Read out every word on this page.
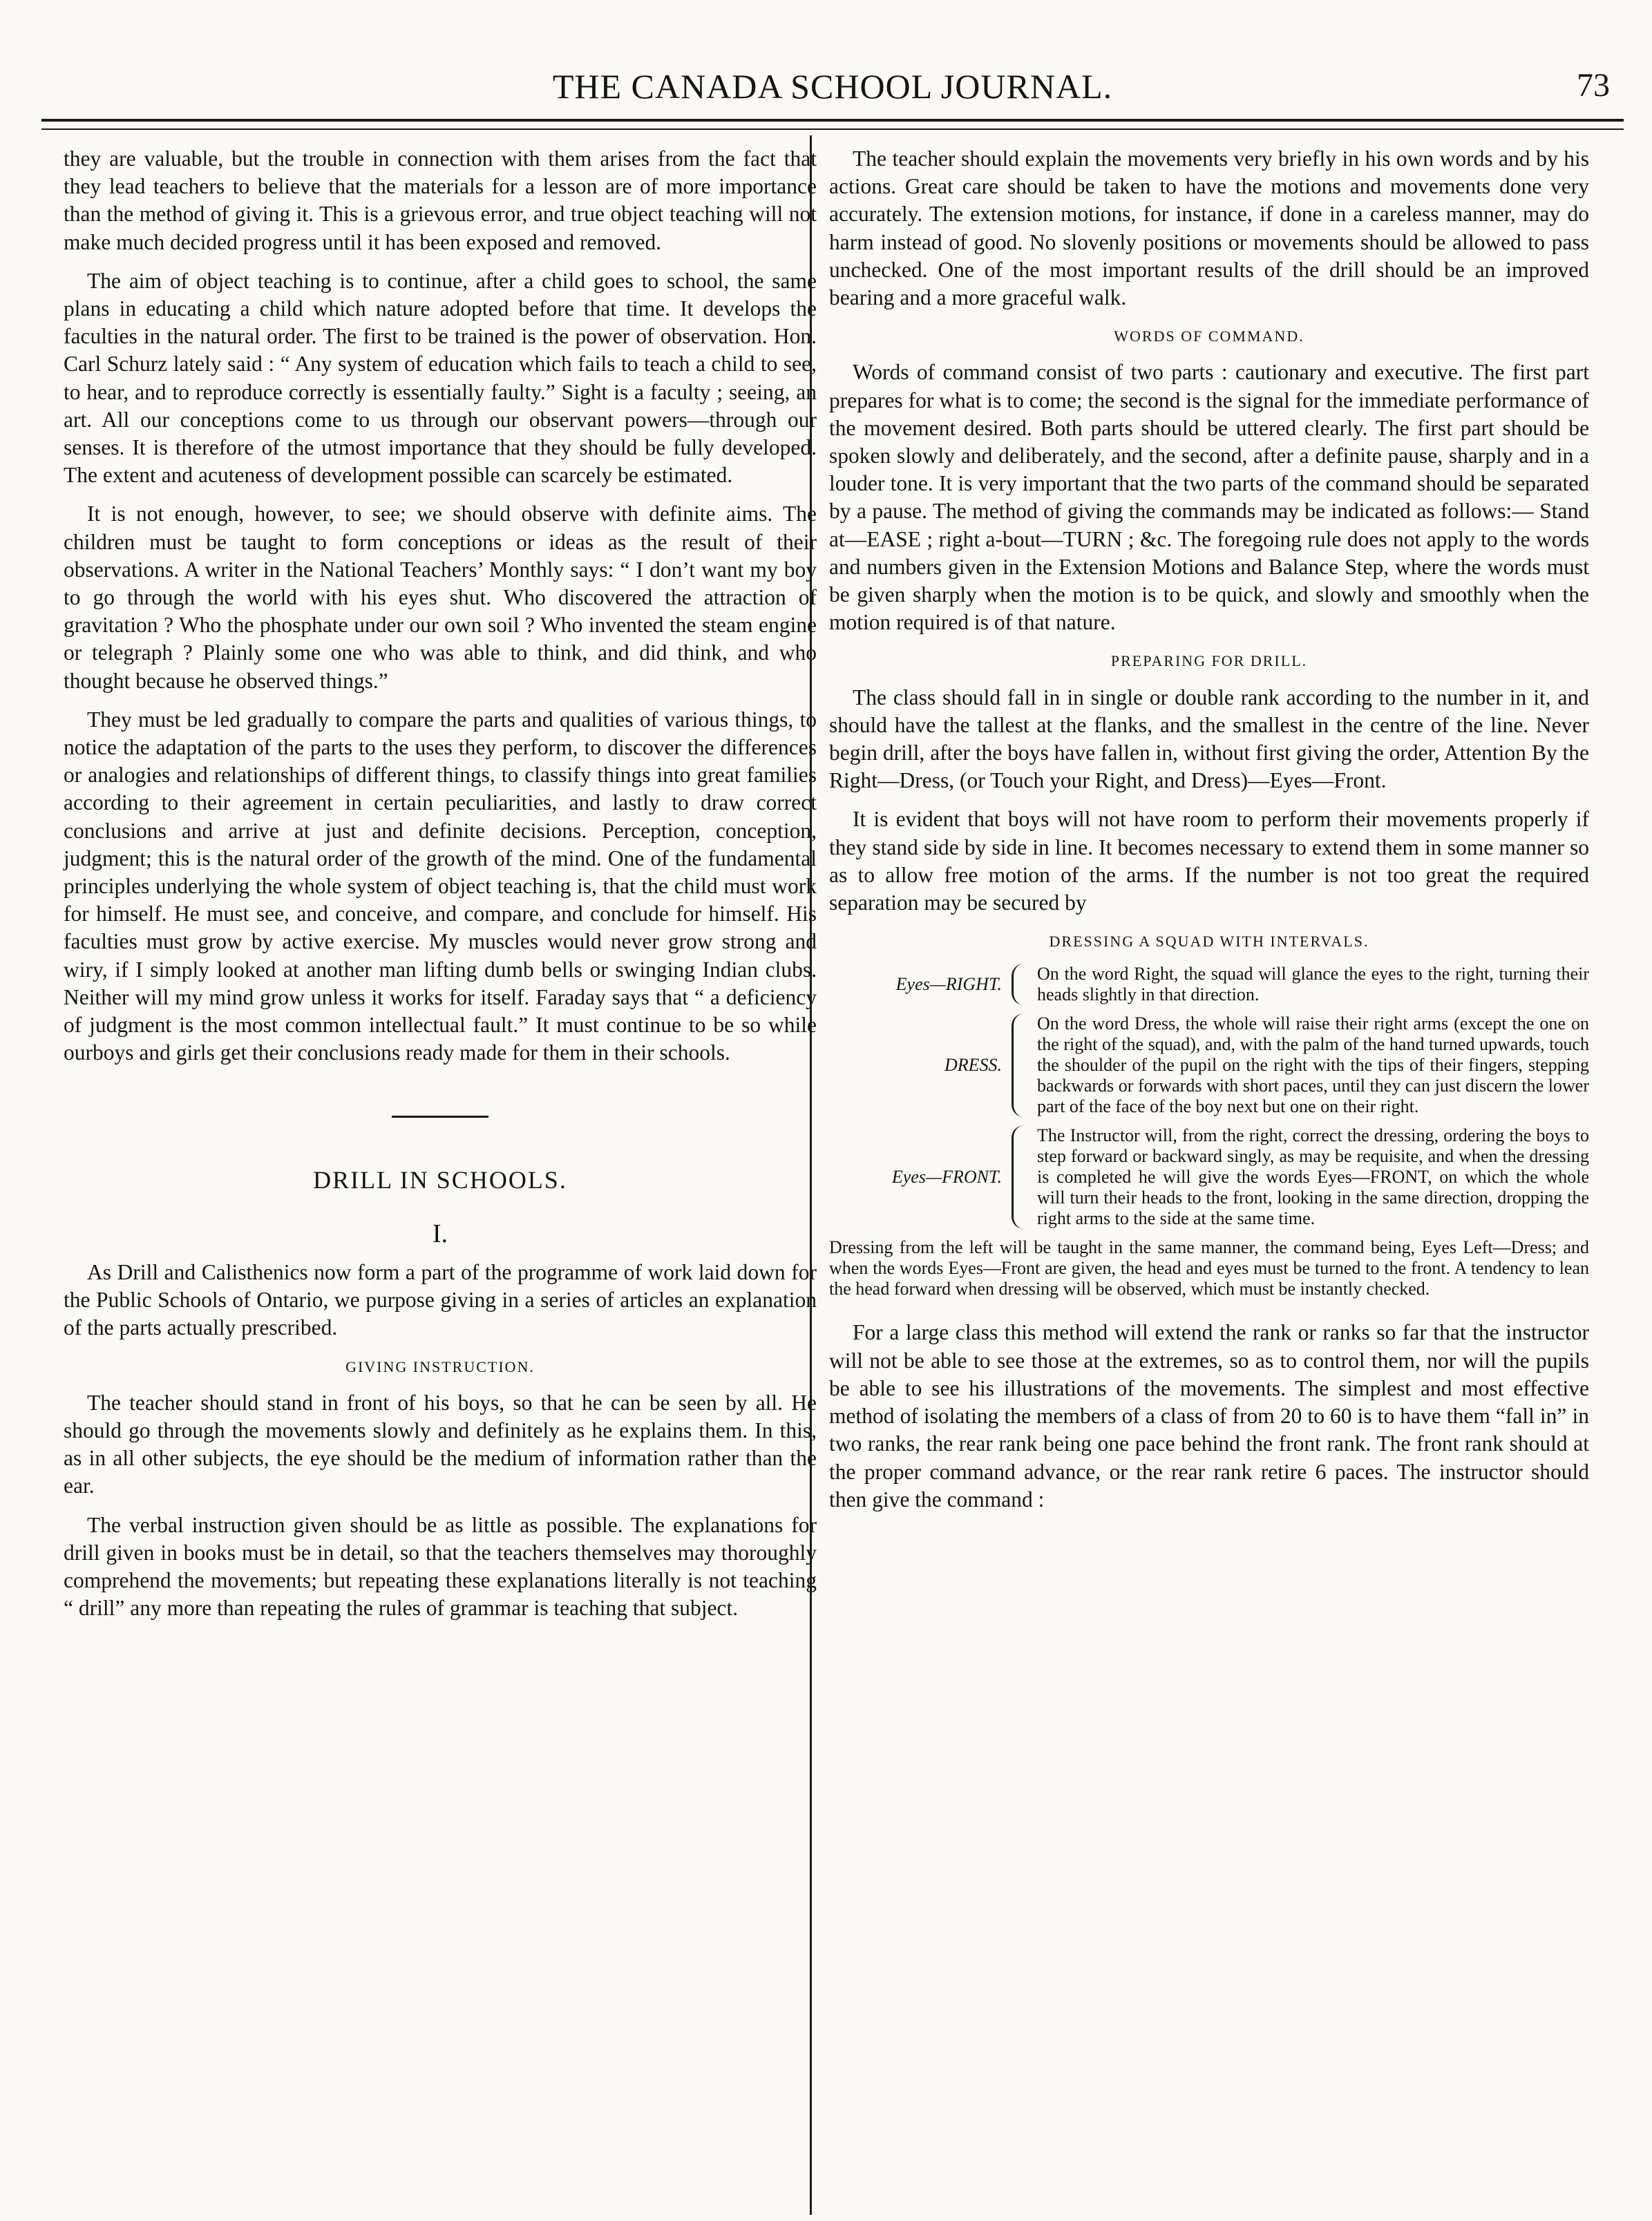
THE CANADA SCHOOL JOURNAL.	73

they are valuable, but the trouble in connection with them arises from the fact that they lead teachers to believe that the materials for a lesson are of more importance than the method of giving it. This is a grievous error, and true object teaching will not make much decided progress until it has been exposed and removed.

The aim of object teaching is to continue, after a child goes to school, the same plans in educating a child which nature adopted before that time. It develops the faculties in the natural order. The first to be trained is the power of observation. Hon. Carl Schurz lately said : “ Any system of education which fails to teach a child to see, to hear, and to reproduce correctly is essentially faulty.” Sight is a faculty ; seeing, an art. All our conceptions come to us through our observant powers—through our senses. It is therefore of the utmost importance that they should be fully developed. The extent and acuteness of development possible can scarcely be estimated.

It is not enough, however, to see; we should observe with definite aims. The children must be taught to form conceptions or ideas as the result of their observations. A writer in the National Teachers’ Monthly says: “ I don’t want my boy to go through the world with his eyes shut. Who discovered the attraction of gravitation ? Who the phosphate under our own soil ? Who invented the steam engine or telegraph ? Plainly some one who was able to think, and did think, and who thought because he observed things.”

They must be led gradually to compare the parts and qualities of various things, to notice the adaptation of the parts to the uses they perform, to discover the differences or analogies and relationships of different things, to classify things into great families according to their agreement in certain peculiarities, and lastly to draw correct conclusions and arrive at just and definite decisions. Perception, conception, judgment; this is the natural order of the growth of the mind. One of the fundamental principles underlying the whole system of object teaching is, that the child must work for himself. He must see, and conceive, and compare, and conclude for himself. His faculties must grow by active exercise. My muscles would never grow strong and wiry, if I simply looked at another man lifting dumb bells or swinging Indian clubs. Neither will my mind grow unless it works for itself. Faraday says that “ a deficiency of judgment is the most common intellectual fault.” It must continue to be so while ourboys and girls get their conclusions ready made for them in their schools.

DRILL IN SCHOOLS.
I.

As Drill and Calisthenics now form a part of the programme of work laid down for the Public Schools of Ontario, we purpose giving in a series of articles an explanation of the parts actually prescribed.

GIVING INSTRUCTION.

The teacher should stand in front of his boys, so that he can be seen by all. He should go through the movements slowly and definitely as he explains them. In this, as in all other subjects, the eye should be the medium of information rather than the ear.

The verbal instruction given should be as little as possible. The explanations for drill given in books must be in detail, so that the teachers themselves may thoroughly comprehend the movements; but repeating these explanations literally is not teaching “ drill” any more than repeating the rules of grammar is teaching that subject.

The teacher should explain the movements very briefly in his own words and by his actions. Great care should be taken to have the motions and movements done very accurately. The extension motions, for instance, if done in a careless manner, may do harm instead of good. No slovenly positions or movements should be allowed to pass unchecked. One of the most important results of the drill should be an improved bearing and a more graceful walk.

WORDS OF COMMAND.

Words of command consist of two parts : cautionary and executive. The first part prepares for what is to come; the second is the signal for the immediate performance of the movement desired. Both parts should be uttered clearly. The first part should be spoken slowly and deliberately, and the second, after a definite pause, sharply and in a louder tone. It is very important that the two parts of the command should be separated by a pause. The method of giving the commands may be indicated as follows:— Stand at—EASE ; right a-bout—TURN ; &c. The foregoing rule does not apply to the words and numbers given in the Extension Motions and Balance Step, where the words must be given sharply when the motion is to be quick, and slowly and smoothly when the motion required is of that nature.

PREPARING FOR DRILL.

The class should fall in in single or double rank according to the number in it, and should have the tallest at the flanks, and the smallest in the centre of the line. Never begin drill, after the boys have fallen in, without first giving the order, Attention By the Right—Dress, (or Touch your Right, and Dress)—Eyes—Front.

It is evident that boys will not have room to perform their movements properly if they stand side by side in line. It becomes necessary to extend them in some manner so as to allow free motion of the arms. If the number is not too great the required separation may be secured by

DRESSING A SQUAD WITH INTERVALS.
Eyes—RIGHT.
On the word Right, the squad will glance the eyes to the right, turning their heads slightly in that direction.
DRESS.
On the word Dress, the whole will raise their right arms (except the one on the right of the squad), and, with the palm of the hand turned upwards, touch the shoulder of the pupil on the right with the tips of their fingers, stepping backwards or forwards with short paces, until they can just discern the lower part of the face of the boy next but one on their right.
Eyes—FRONT.
The Instructor will, from the right, correct the dressing, ordering the boys to step forward or backward singly, as may be requisite, and when the dressing is completed he will give the words Eyes—FRONT, on which the whole will turn their heads to the front, looking in the same direction, dropping the right arms to the side at the same time.
Dressing from the left will be taught in the same manner, the command being, Eyes Left—Dress; and when the words Eyes—Front are given, the head and eyes must be turned to the front. A tendency to lean the head forward when dressing will be observed, which must be instantly checked.

For a large class this method will extend the rank or ranks so far that the instructor will not be able to see those at the extremes, so as to control them, nor will the pupils be able to see his illustrations of the movements. The simplest and most effective method of isolating the members of a class of from 20 to 60 is to have them “fall in” in two ranks, the rear rank being one pace behind the front rank. The front rank should at the proper command advance, or the rear rank retire 6 paces. The instructor should then give the command :
